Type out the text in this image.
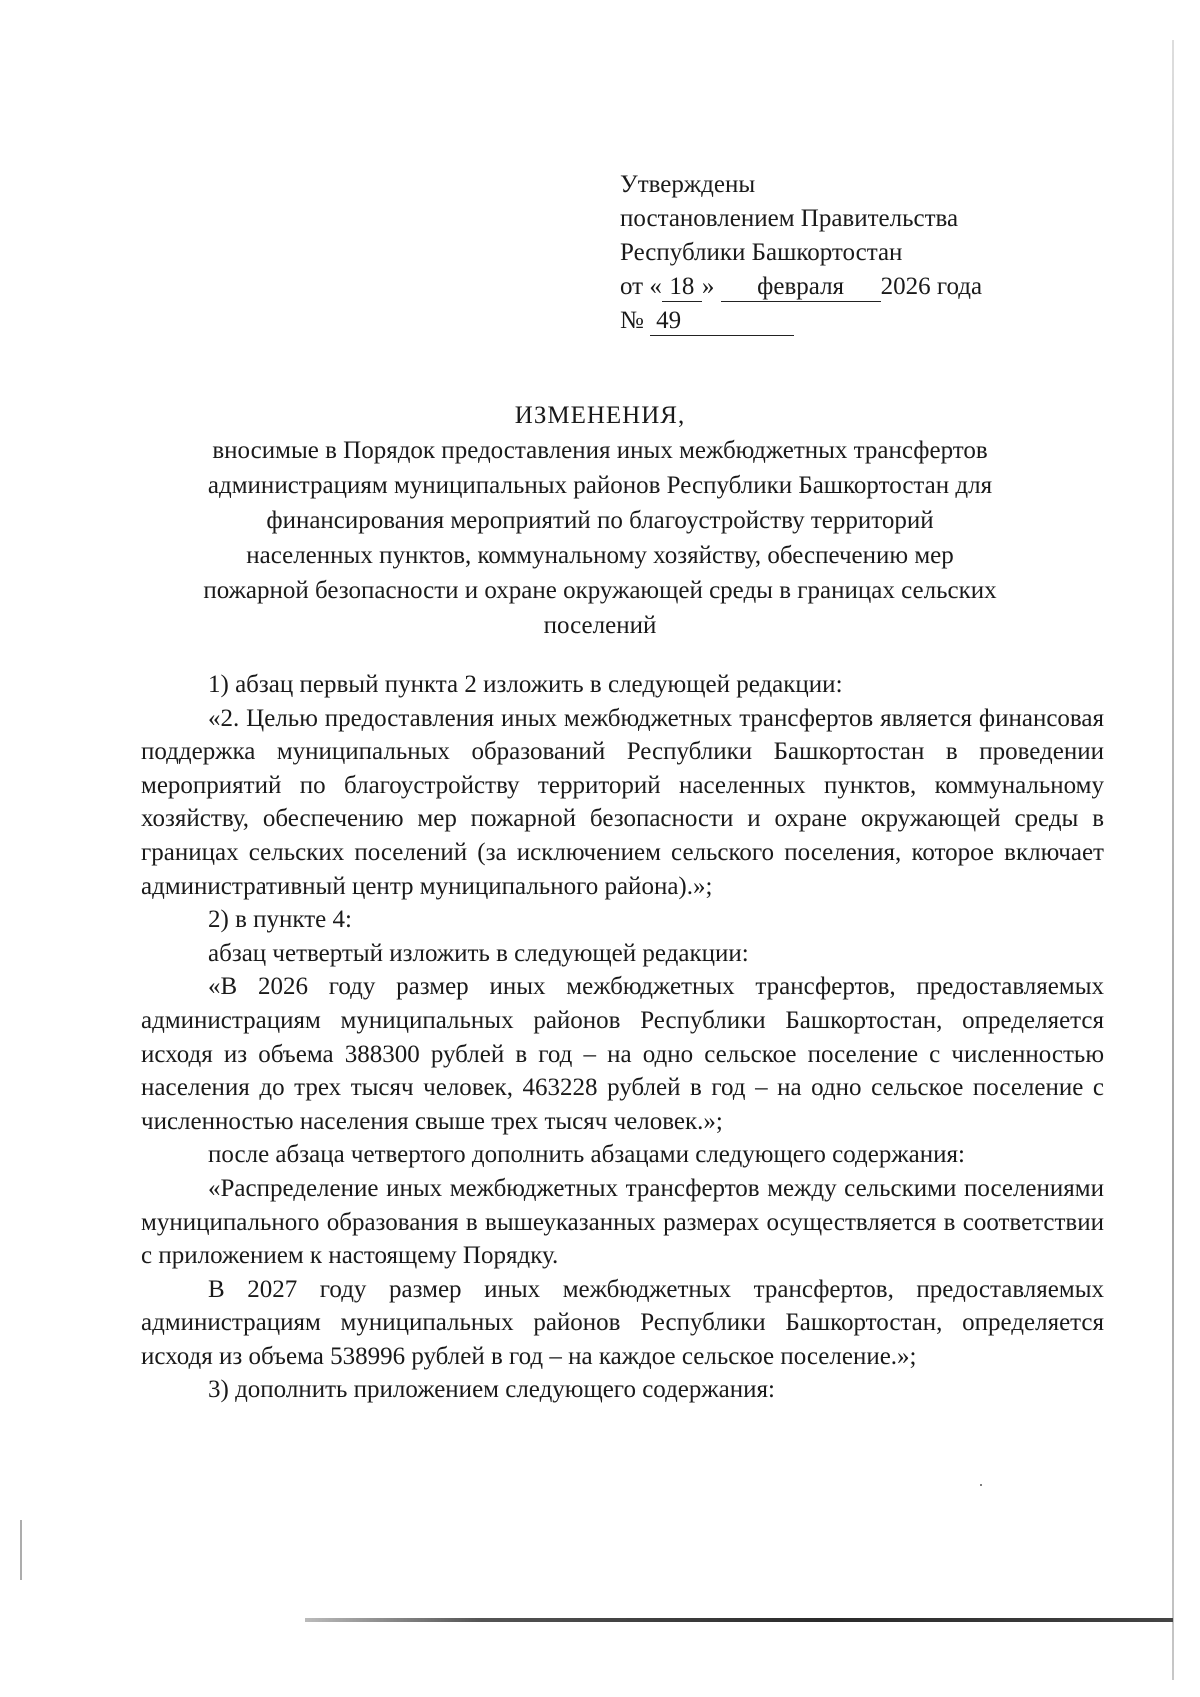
Утверждены
постановлением Правительства
Республики Башкортостан
от « 18 » февраля 2026 года
№ 49
ИЗМЕНЕНИЯ,
вносимые в Порядок предоставления иных межбюджетных трансфертов администрациям муниципальных районов Республики Башкортостан для финансирования мероприятий по благоустройству территорий населенных пунктов, коммунальному хозяйству, обеспечению мер пожарной безопасности и охране окружающей среды в границах сельских поселений

1) абзац первый пункта 2 изложить в следующей редакции:

«2. Целью предоставления иных межбюджетных трансфертов является финансовая поддержка муниципальных образований Республики Башкортостан в проведении мероприятий по благоустройству территорий населенных пунктов, коммунальному хозяйству, обеспечению мер пожарной безопасности и охране окружающей среды в границах сельских поселений (за исключением сельского поселения, которое включает административный центр муниципального района).»;

2) в пункте 4:

абзац четвертый изложить в следующей редакции:

«В 2026 году размер иных межбюджетных трансфертов, предоставляемых администрациям муниципальных районов Республики Башкортостан, определяется исходя из объема 388300 рублей в год – на одно сельское поселение с численностью населения до трех тысяч человек, 463228 рублей в год – на одно сельское поселение с численностью населения свыше трех тысяч человек.»;

после абзаца четвертого дополнить абзацами следующего содержания:

«Распределение иных межбюджетных трансфертов между сельскими поселениями муниципального образования в вышеуказанных размерах осуществляется в соответствии с приложением к настоящему Порядку.

В 2027 году размер иных межбюджетных трансфертов, предоставляемых администрациям муниципальных районов Республики Башкортостан, определяется исходя из объема 538996 рублей в год – на каждое сельское поселение.»;

3) дополнить приложением следующего содержания:
